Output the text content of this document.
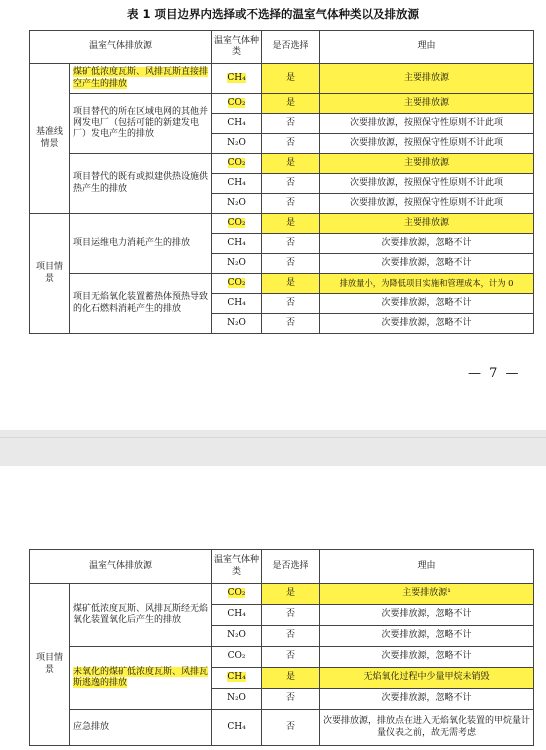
表 1 项目边界内选择或不选择的温室气体种类以及排放源
温室气体排放源		温室气体种类	是否选择	理由
基准线情景	煤矿低浓度瓦斯、风排瓦斯直接排空产生的排放	CH₄	是	主要排放源
	项目替代的所在区域电网的其他并网发电厂（包括可能的新建发电厂）发电产生的排放	CO₂	是	主要排放源
		CH₄	否	次要排放源，按照保守性原则不计此项
		N₂O	否	次要排放源，按照保守性原则不计此项
	项目替代的既有或拟建供热设施供热产生的排放	CO₂	是	主要排放源
		CH₄	否	次要排放源，按照保守性原则不计此项
		N₂O	否	次要排放源，按照保守性原则不计此项
项目情景	项目运维电力消耗产生的排放	CO₂	是	主要排放源
		CH₄	否	次要排放源，忽略不计
		N₂O	否	次要排放源，忽略不计
	项目无焰氧化装置蓄热体预热导致的化石燃料消耗产生的排放	CO₂	是	排放量小，为降低项目实施和管理成本，计为 0
		CH₄	否	次要排放源，忽略不计
		N₂O	否	次要排放源，忽略不计
— 7 —
温室气体排放源		温室气体种类	是否选择	理由
项目情景	煤矿低浓度瓦斯、风排瓦斯经无焰氧化装置氧化后产生的排放	CO₂	是	主要排放源¹
		CH₄	否	次要排放源，忽略不计
		N₂O	否	次要排放源，忽略不计
	未氧化的煤矿低浓度瓦斯、风排瓦斯逃逸的排放	CO₂	否	次要排放源，忽略不计
		CH₄	是	无焰氧化过程中少量甲烷未销毁
		N₂O	否	次要排放源，忽略不计
	应急排放	CH₄	否	次要排放源，排放点在进入无焰氧化装置的甲烷量计量仪表之前，故无需考虑
